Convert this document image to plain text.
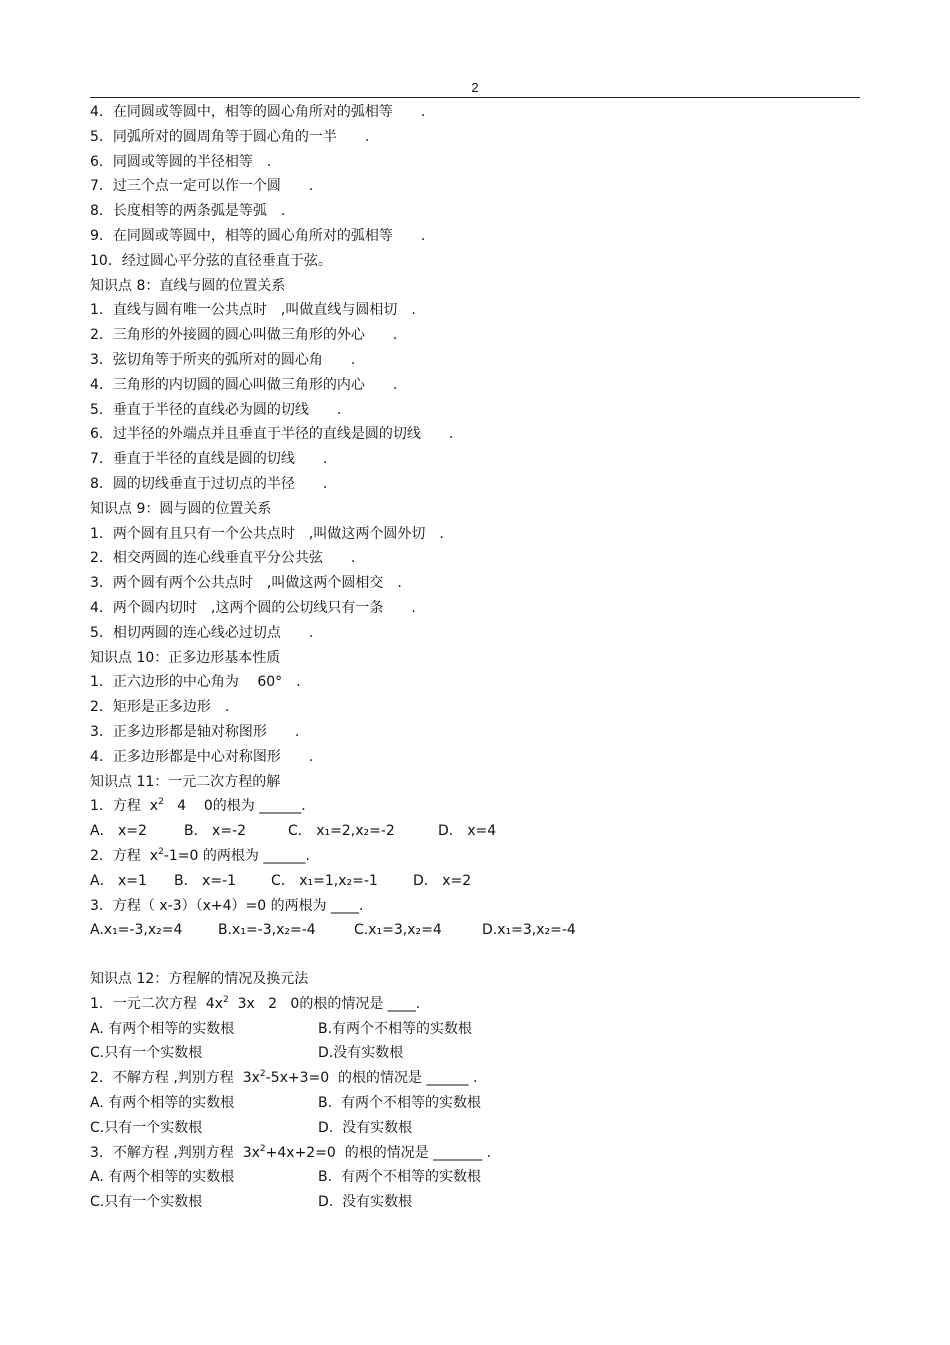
2
4．在同圆或等圆中，相等的圆心角所对的弧相等　　.
5．同弧所对的圆周角等于圆心角的一半　　.
6．同圆或等圆的半径相等　.
7．过三个点一定可以作一个圆　　.
8．长度相等的两条弧是等弧　.
9．在同圆或等圆中，相等的圆心角所对的弧相等　　.
10．经过圆心平分弦的直径垂直于弦。
知识点 8：直线与圆的位置关系
1．直线与圆有唯一公共点时　,叫做直线与圆相切　.
2．三角形的外接圆的圆心叫做三角形的外心　　.
3．弦切角等于所夹的弧所对的圆心角　　.
4．三角形的内切圆的圆心叫做三角形的内心　　.
5．垂直于半径的直线必为圆的切线　　.
6．过半径的外端点并且垂直于半径的直线是圆的切线　　.
7．垂直于半径的直线是圆的切线　　.
8．圆的切线垂直于过切点的半径　　.
知识点 9：圆与圆的位置关系
1．两个圆有且只有一个公共点时　,叫做这两个圆外切　.
2．相交两圆的连心线垂直平分公共弦　　.
3．两个圆有两个公共点时　,叫做这两个圆相交　.
4．两个圆内切时　,这两个圆的公切线只有一条　　.
5．相切两圆的连心线必过切点　　.
知识点 10：正多边形基本性质
1．正六边形的中心角为　 60°　.
2．矩形是正多边形　.
3．正多边形都是轴对称图形　　.
4．正多边形都是中心对称图形　　.
知识点 11：一元二次方程的解
1．方程  $x^2$   4    0的根为 ______.
A． x=2	B． x=-2	C． x₁=2,x₂=-2	D． x=4
2．方程  $x^2-1=0$ 的两根为 ______.
A． x=1	B． x=-1	C． x₁=1,x₂=-1	D． x=2
3．方程（ x-3）（x+4）=0 的两根为 ____.
A.x₁=-3,x₂=4	B.x₁=-3,x₂=-4	C.x₁=3,x₂=4	D.x₁=3,x₂=-4
知识点 12：方程解的情况及换元法
1．一元二次方程  $4x^2$  3x   2   0的根的情况是 ____.
A. 有两个相等的实数根	B.有两个不相等的实数根
C.只有一个实数根	D.没有实数根
2．不解方程 ,判别方程  $3x^2-5x+3=0$  的根的情况是 ______ .
A. 有两个相等的实数根	B.  有两个不相等的实数根
C.只有一个实数根	D.  没有实数根
3．不解方程 ,判别方程  $3x^2+4x+2=0$  的根的情况是 _______ .
A. 有两个相等的实数根	B.  有两个不相等的实数根
C.只有一个实数根	D.  没有实数根
